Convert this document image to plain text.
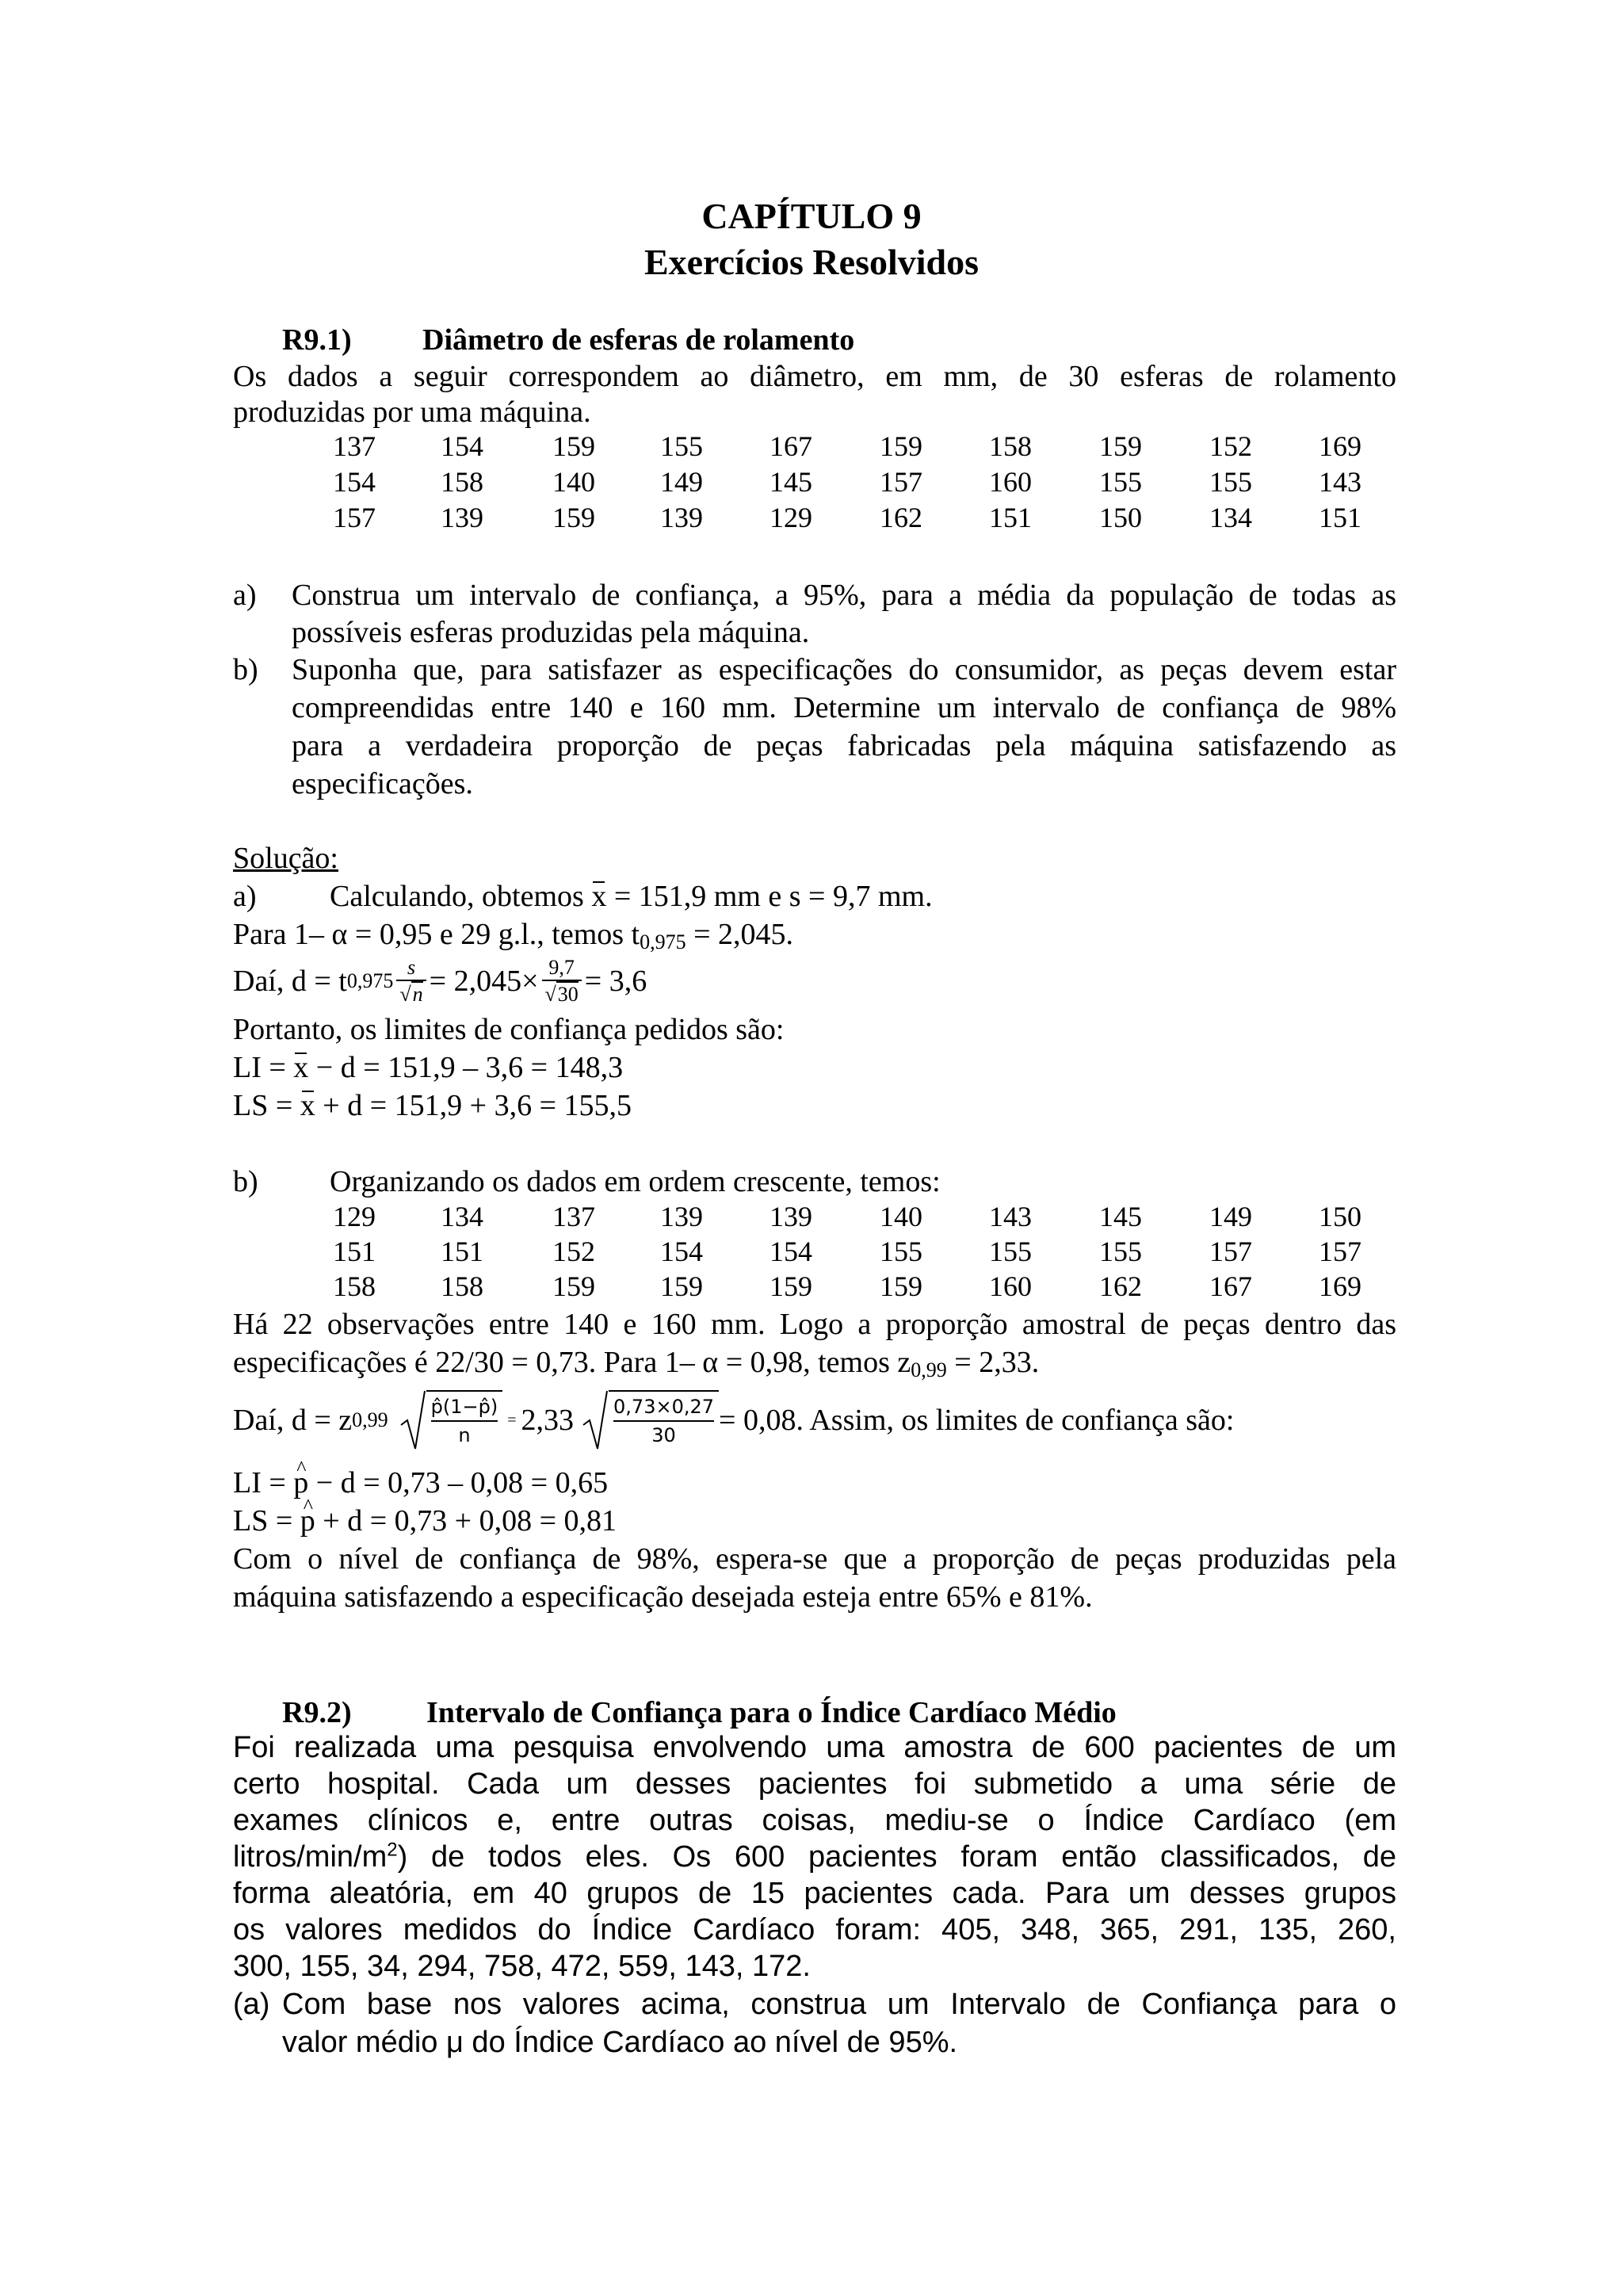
CAPÍTULO 9
Exercícios Resolvidos
R9.1) Diâmetro de esferas de rolamento
Os dados a seguir correspondem ao diâmetro, em mm, de 30 esferas de rolamento
produzidas por uma máquina.
137	154	159	155	167	159	158	159	152	169
154	158	140	149	145	157	160	155	155	143
157	139	159	139	129	162	151	150	134	151
a) Construa um intervalo de confiança, a 95%, para a média da população de todas as
possíveis esferas produzidas pela máquina.
b) Suponha que, para satisfazer as especificações do consumidor, as peças devem estar
compreendidas entre 140 e 160 mm. Determine um intervalo de confiança de 98%
para a verdadeira proporção de peças fabricadas pela máquina satisfazendo as
especificações.
Solução:
a) Calculando, obtemos x = 151,9 mm e s = 9,7 mm.
Para 1– α = 0,95 e 29 g.l., temos $t_{0,975} = 2,045$.
Daí, d = t $0,975 \frac{s}{√n} = 2,045\times \frac{9,7}{√30} = 3,6$
Portanto, os limites de confiança pedidos são:
LI = x − d = 151,9 – 3,6 = 148,3
LS = x + d = 151,9 + 3,6 = 155,5
b) Organizando os dados em ordem crescente, temos:
129	134	137	139	139	140	143	145	149	150
151	151	152	154	154	155	155	155	157	157
158	158	159	159	159	159	160	162	167	169
Há 22 observações entre 140 e 160 mm. Logo a proporção amostral de peças dentro das
especificações é 22/30 = 0,73. Para 1– α = 0,98, temos $z_{0,99} = 2,33$.
Daí, d = z $0,99 \frac{p̂(1-p̂)}{n} = 2,33 \frac{0,73\times 0,27}{30} = 0,08$. Assim, os limites de confiança são:
LI = ^ p − d = 0,73 – 0,08 = 0,65
LS = ^ p + d = 0,73 + 0,08 = 0,81
Com o nível de confiança de 98%, espera-se que a proporção de peças produzidas pela
máquina satisfazendo a especificação desejada esteja entre 65% e 81%.
R9.2) Intervalo de Confiança para o Índice Cardíaco Médio
Foi realizada uma pesquisa envolvendo uma amostra de 600 pacientes de um
certo hospital. Cada um desses pacientes foi submetido a uma série de
exames clínicos e, entre outras coisas, mediu-se o Índice Cardíaco (em
litros/$\min/m^2$) de todos eles. Os 600 pacientes foram então classificados, de
forma aleatória, em 40 grupos de 15 pacientes cada. Para um desses grupos
os valores medidos do Índice Cardíaco foram: 405, 348, 365, 291, 135, 260,
300, 155, 34, 294, 758, 472, 559, 143, 172.
(a) Com base nos valores acima, construa um Intervalo de Confiança para o
valor médio μ do Índice Cardíaco ao nível de 95%.
